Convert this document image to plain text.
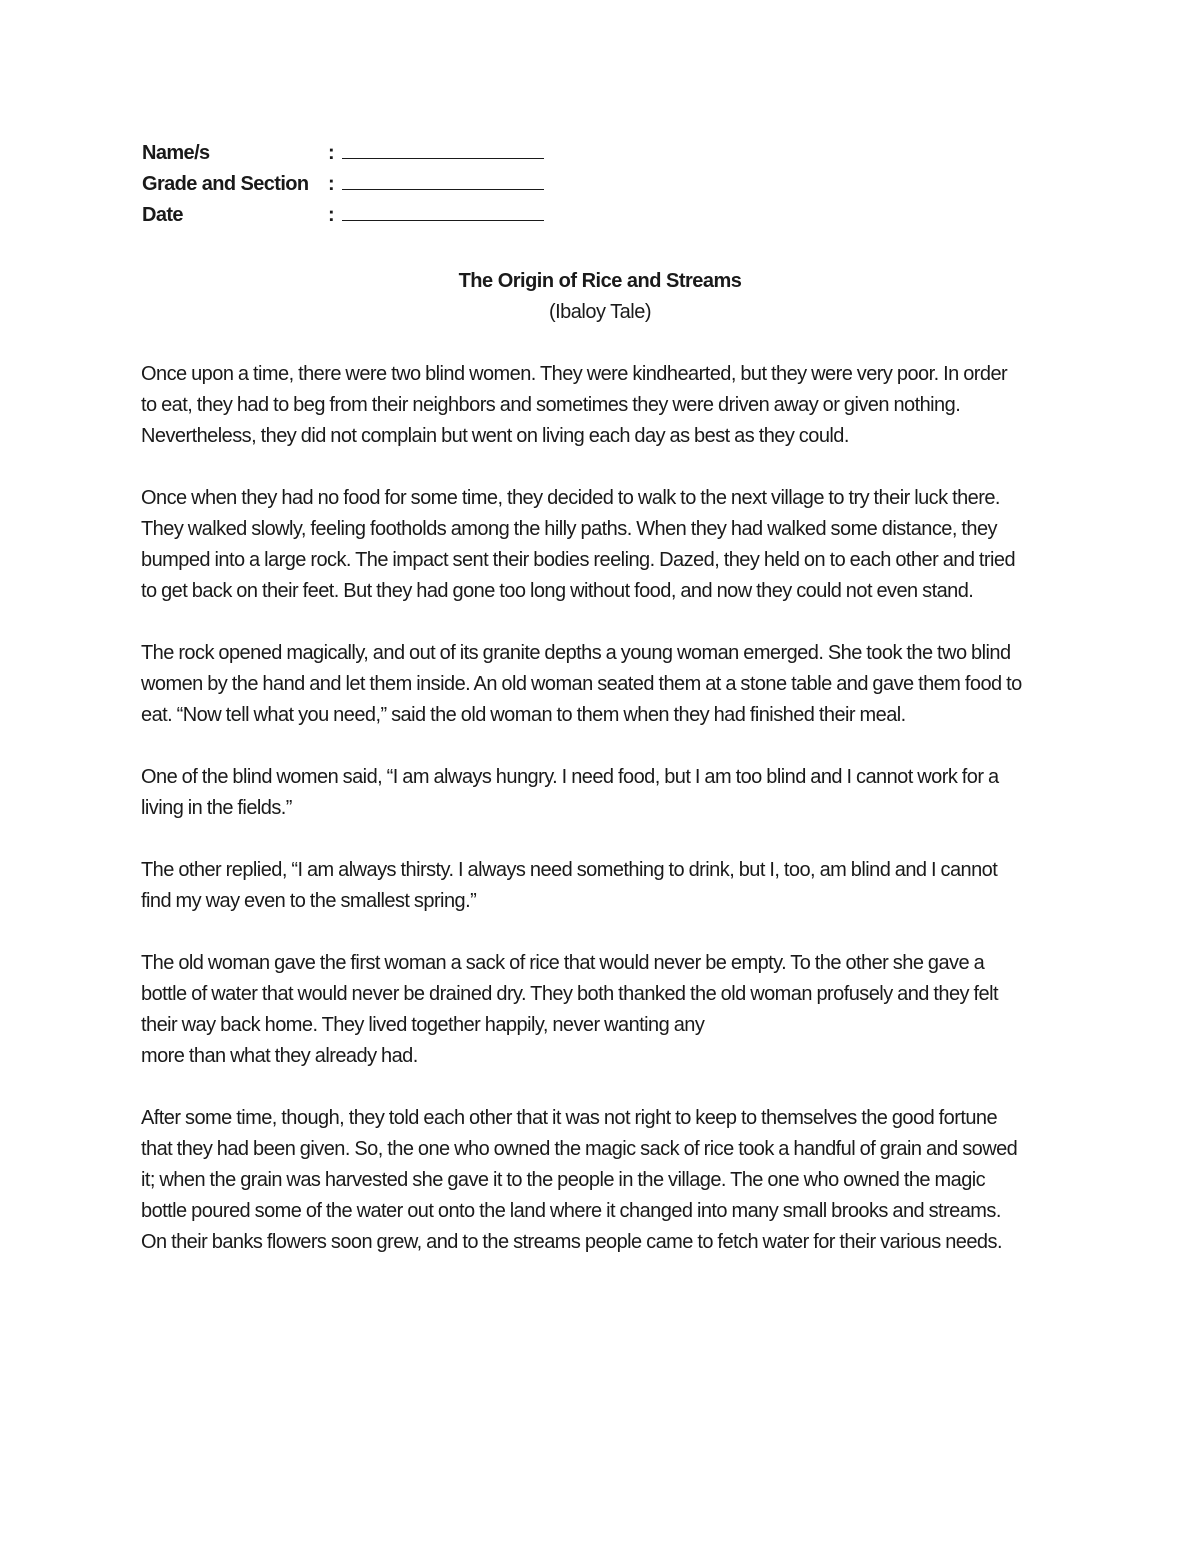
Name/s	:
Grade and Section :
Date	:
The Origin of Rice and Streams
(Ibaloy Tale)
Once upon a time, there were two blind women. They were kindhearted, but they were very poor. In order
to eat, they had to beg from their neighbors and sometimes they were driven away or given nothing.
Nevertheless, they did not complain but went on living each day as best as they could.
Once when they had no food for some time, they decided to walk to the next village to try their luck there.
They walked slowly, feeling footholds among the hilly paths. When they had walked some distance, they
bumped into a large rock. The impact sent their bodies reeling. Dazed, they held on to each other and tried
to get back on their feet. But they had gone too long without food, and now they could not even stand.
The rock opened magically, and out of its granite depths a young woman emerged. She took the two blind
women by the hand and let them inside. An old woman seated them at a stone table and gave them food to
eat. “Now tell what you need,” said the old woman to them when they had finished their meal.
One of the blind women said, “I am always hungry. I need food, but I am too blind and I cannot work for a
living in the fields.”
The other replied, “I am always thirsty. I always need something to drink, but I, too, am blind and I cannot
find my way even to the smallest spring.”
The old woman gave the first woman a sack of rice that would never be empty. To the other she gave a
bottle of water that would never be drained dry. They both thanked the old woman profusely and they felt
their way back home. They lived together happily, never wanting any
more than what they already had.
After some time, though, they told each other that it was not right to keep to themselves the good fortune
that they had been given. So, the one who owned the magic sack of rice took a handful of grain and sowed
it; when the grain was harvested she gave it to the people in the village. The one who owned the magic
bottle poured some of the water out onto the land where it changed into many small brooks and streams.
On their banks flowers soon grew, and to the streams people came to fetch water for their various needs.
